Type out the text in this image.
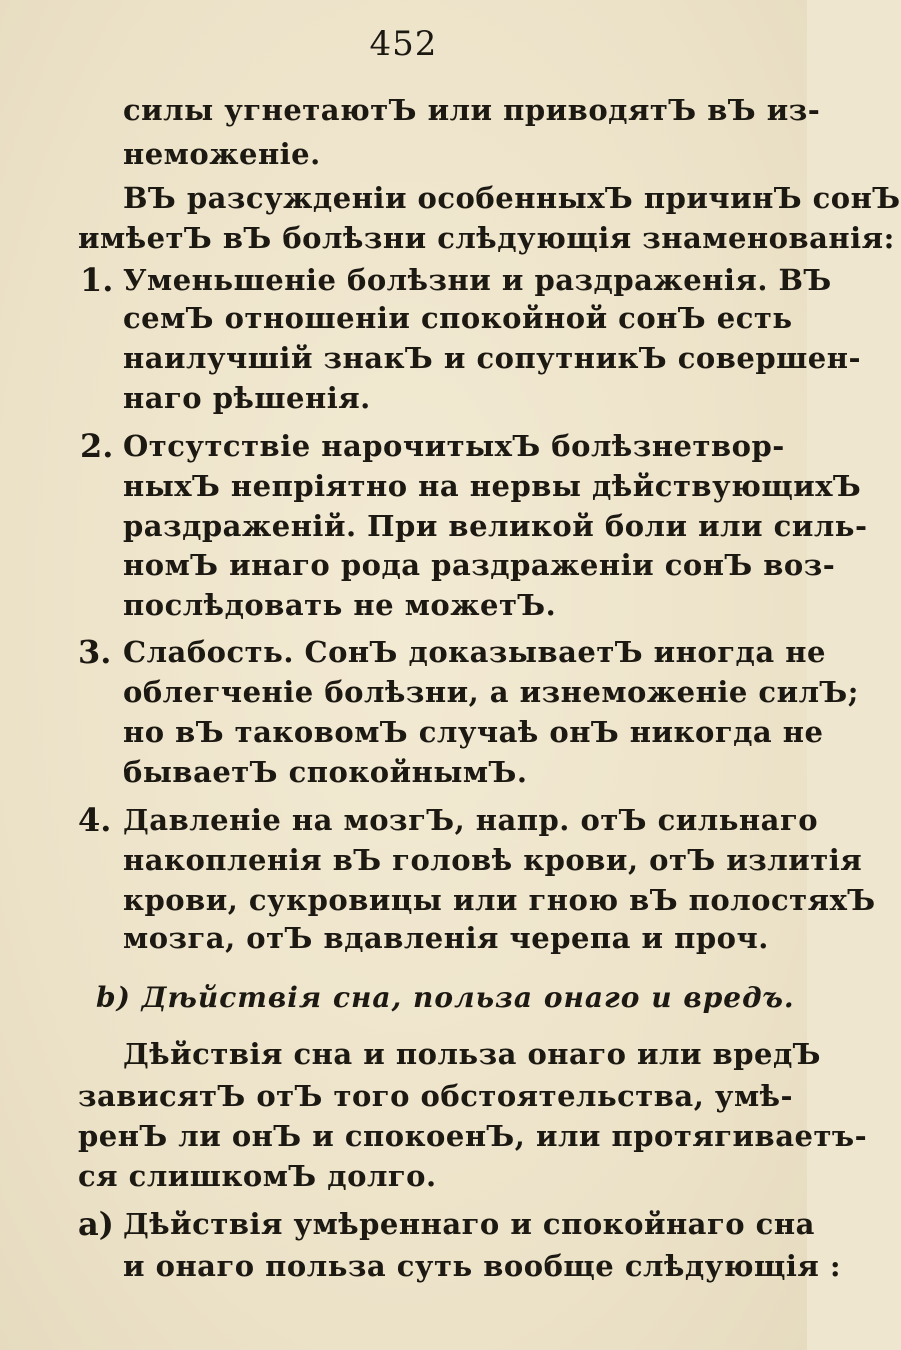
452
силы угнетаютЪ или приводятЪ вЪ из-
неможеніе.
ВЪ разсужденіи особенныхЪ причинЪ сонЪ
имѣетЪ вЪ болѣзни слѣдующія знаменованія:
1. Уменьшеніе болѣзни и раздраженія. ВЪ
семЪ отношеніи спокойной сонЪ есть
наилучшій знакЪ и сопутникЪ совершен-
наго рѣшенія.
2. Отсутствіе нарочитыхЪ болѣзнетвор-
ныхЪ непріятно на нервы дѣйствующихЪ
раздраженій. При великой боли или силь-
номЪ инаго рода раздраженіи сонЪ воз-
послѣдовать не можетЪ.
3. Слабость. СонЪ доказываетЪ иногда не
облегченіе болѣзни, а изнеможеніе силЪ;
но вЪ таковомЪ случаѣ онЪ никогда не
бываетЪ спокойнымЪ.
4. Давленіе на мозгЪ, напр. отЪ сильнаго
накопленія вЪ головѣ крови, отЪ излитія
крови, сукровицы или гною вЪ полостяхЪ
мозга, отЪ вдавленія черепа и проч.
b) Дѣйствія сна, польза онаго и вредъ.
Дѣйствія сна и польза онаго или вредЪ
зависятЪ отЪ того обстоятельства, умѣ-
ренЪ ли онЪ и спокоенЪ, или протягиваетъ-
ся слишкомЪ долго.
a) Дѣйствія умѣреннаго и спокойнаго сна
и онаго польза суть вообще слѣдующія :
